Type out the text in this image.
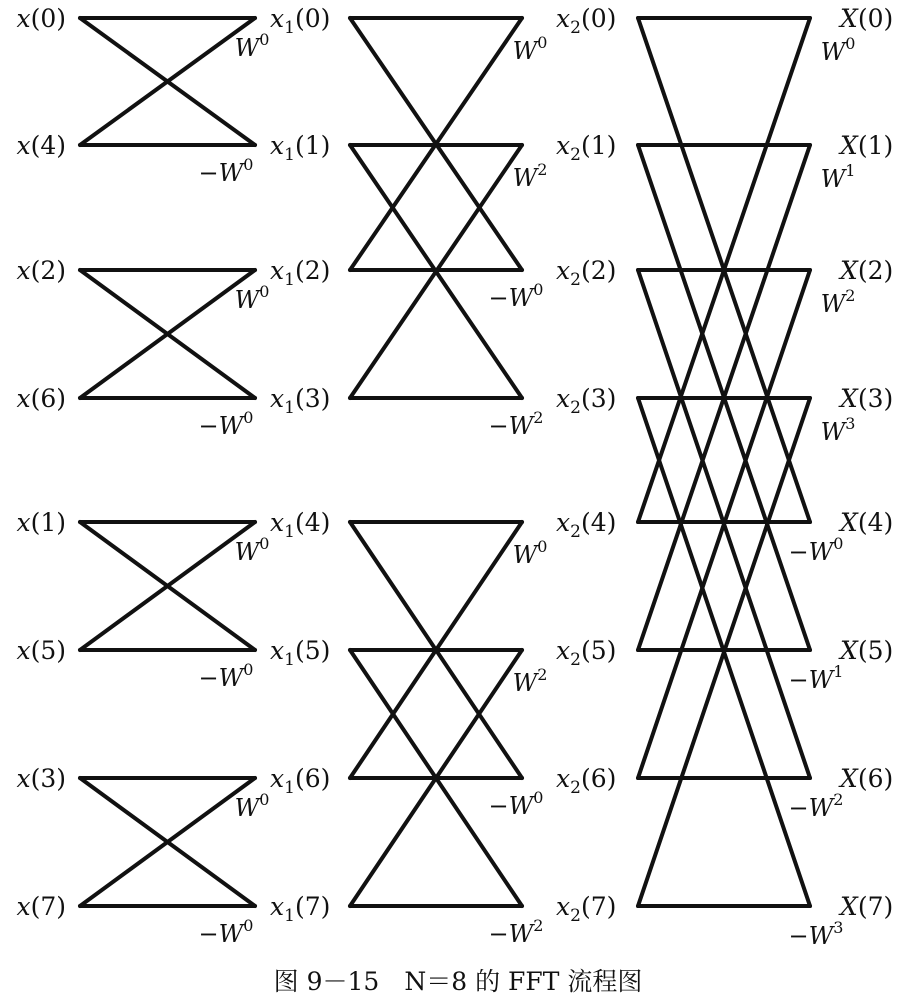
x(0)
x(4)
x(2)
x(6)
x(1)
x(5)
x(3)
x(7)
$x_1(0)$
$x_1(1)$
$x_1(2)$
$x_1(3)$
$x_1(4)$
$x_1(5)$
$x_1(6)$
$x_1(7)$
$x_2(0)$
$x_2(1)$
$x_2(2)$
$x_2(3)$
$x_2(4)$
$x_2(5)$
$x_2(6)$
$x_2(7)$
X(0)
X(1)
X(2)
X(3)
X(4)
X(5)
X(6)
X(7)
$W^0$
$-W^0$
$W^0$
$-W^0$
$W^0$
$-W^0$
$W^0$
$-W^0$
$W^0$
$W^2$
$-W^0$
$-W^2$
$W^0$
$W^2$
$-W^0$
$-W^2$
$W^0$
$W^1$
$W^2$
$W^3$
$-W^0$
$-W^1$
$-W^2$
$-W^3$
图 9－15　N＝8 的 FFT 流程图
